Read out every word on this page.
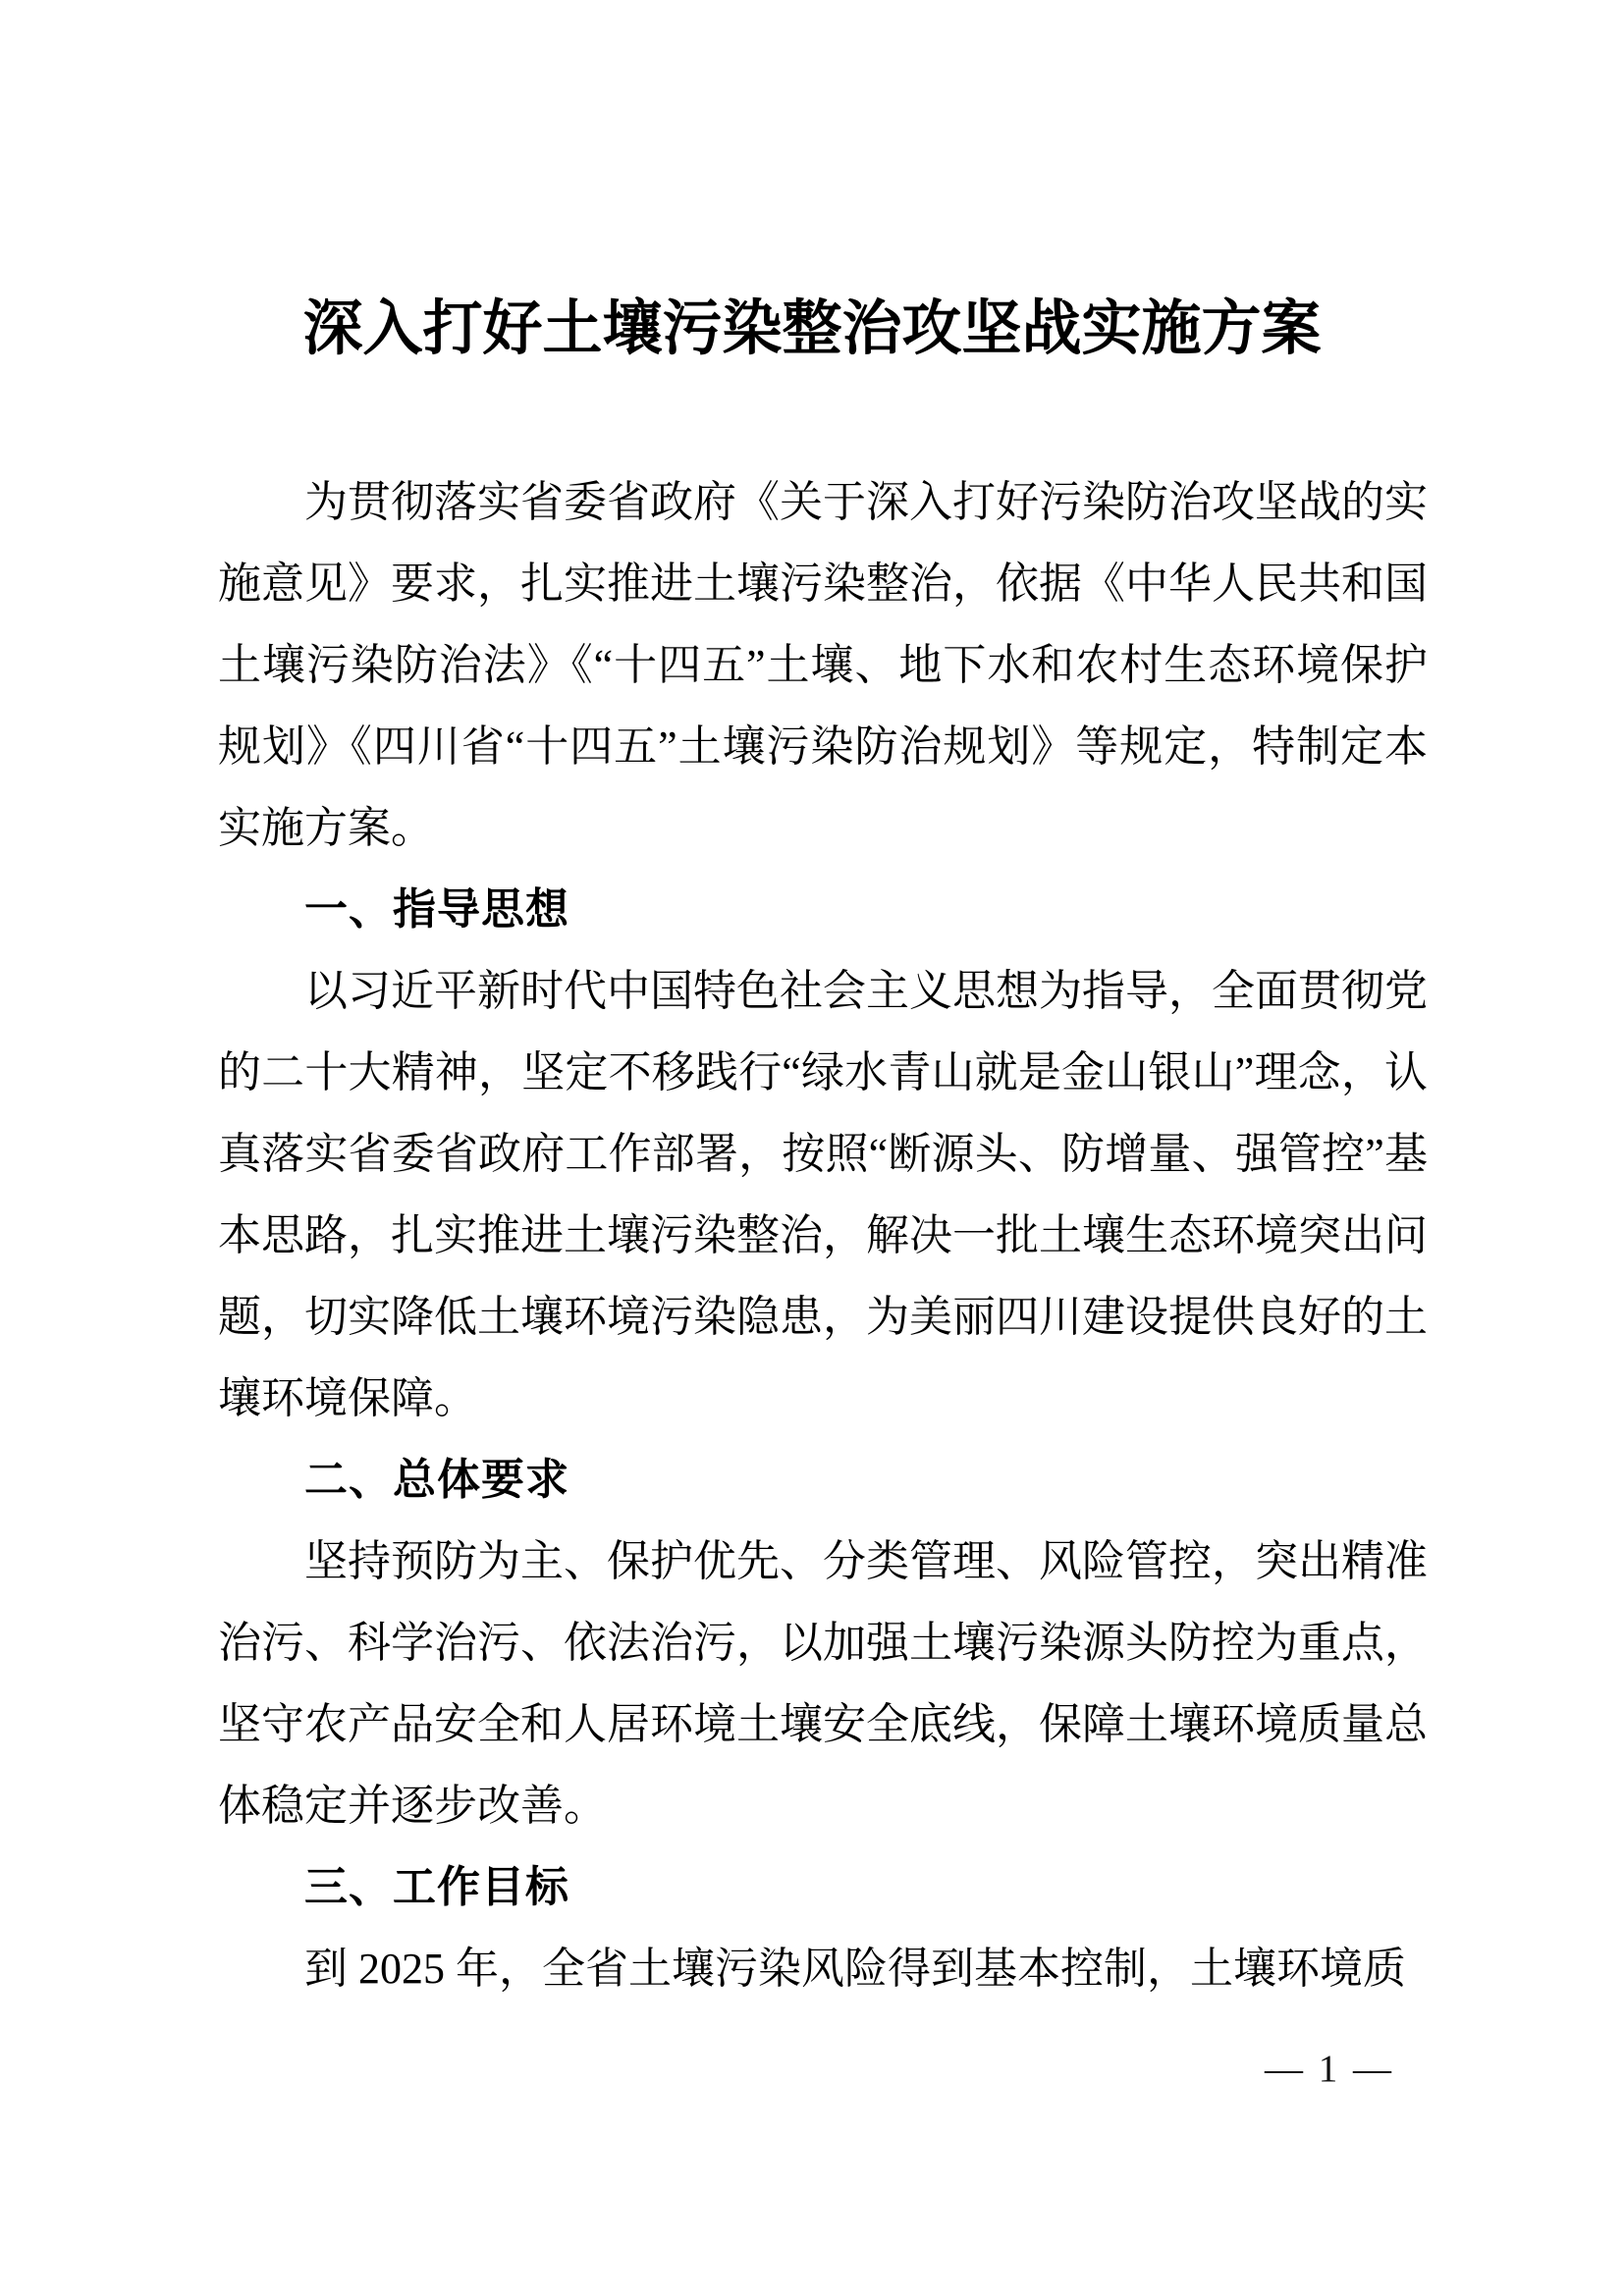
深入打好土壤污染整治攻坚战实施方案

为贯彻落实省委省政府《关于深入打好污染防治攻坚战的实施意见》要求，扎实推进土壤污染整治，依据《中华人民共和国土壤污染防治法》《“十四五”土壤、地下水和农村生态环境保护规划》《四川省“十四五”土壤污染防治规划》等规定，特制定本实施方案。

一、指导思想

以习近平新时代中国特色社会主义思想为指导，全面贯彻党的二十大精神，坚定不移践行“绿水青山就是金山银山”理念，认真落实省委省政府工作部署，按照“断源头、防增量、强管控”基本思路，扎实推进土壤污染整治，解决一批土壤生态环境突出问题，切实降低土壤环境污染隐患，为美丽四川建设提供良好的土壤环境保障。

二、总体要求

坚持预防为主、保护优先、分类管理、风险管控，突出精准治污、科学治污、依法治污，以加强土壤污染源头防控为重点，坚守农产品安全和人居环境土壤安全底线，保障土壤环境质量总体稳定并逐步改善。

三、工作目标

到 2025 年，全省土壤污染风险得到基本控制，土壤环境质

— 1 —
